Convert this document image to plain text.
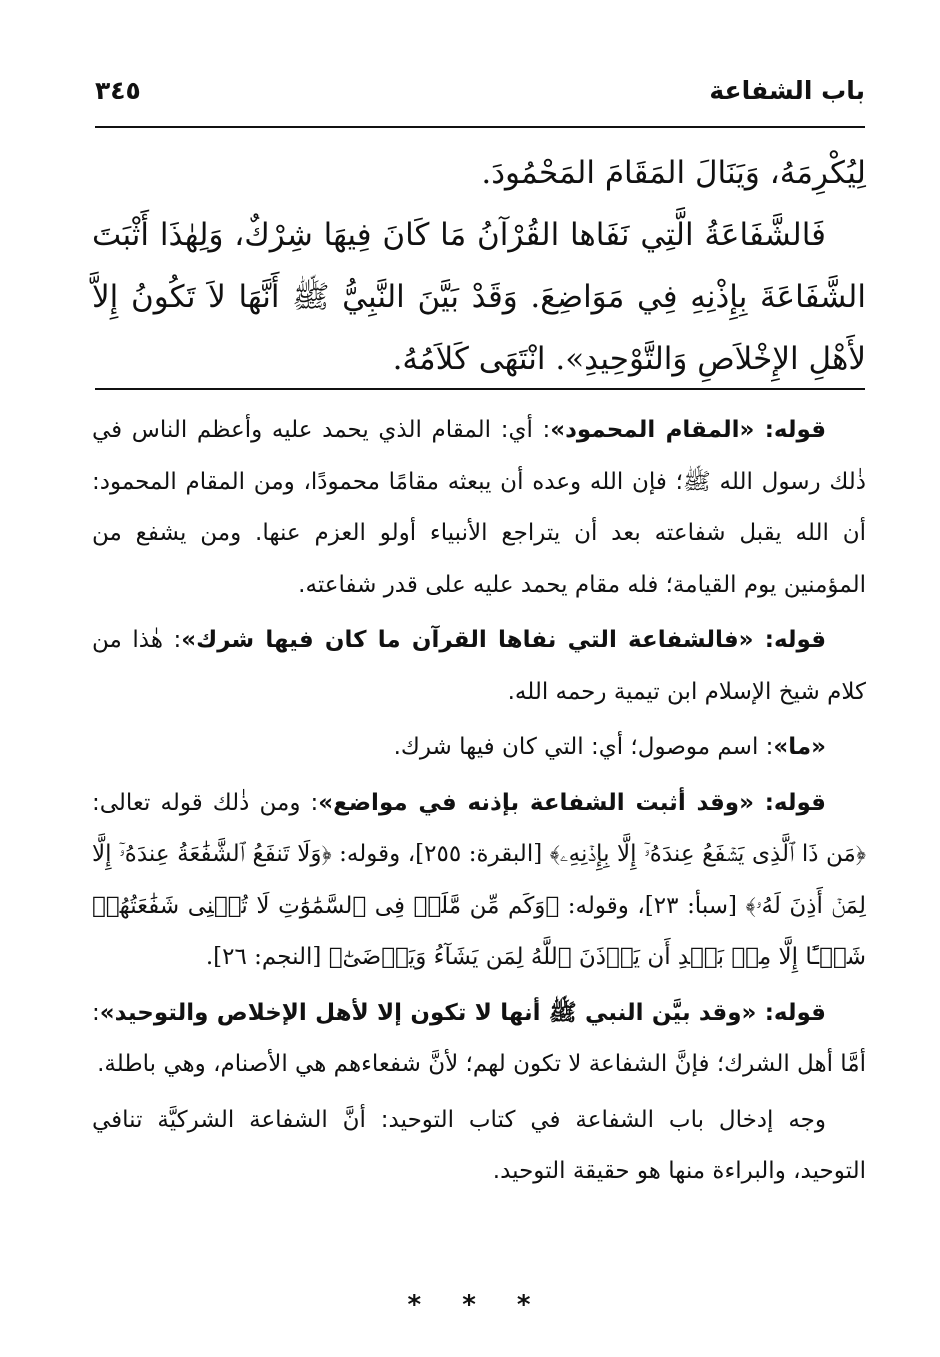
باب الشفاعة
٣٤٥

لِيُكْرِمَهُ، وَيَنَالَ المَقَامَ المَحْمُودَ.

فَالشَّفَاعَةُ الَّتِي نَفَاها القُرْآنُ مَا كَانَ فِيهَا شِرْكٌ، وَلِهٰذَا أَثْبَتَ الشَّفَاعَةَ بِإِذْنِهِ فِي مَوَاضِعَ. وَقَدْ بَيَّنَ النَّبِيُّ ﷺ أَنَّهَا لاَ تَكُونُ إِلاَّ لأَهْلِ الإِخْلاَصِ وَالتَّوْحِيدِ». انْتَهَى كَلاَمُهُ.

قوله: «المقام المحمود»: أي: المقام الذي يحمد عليه وأعظم الناس في ذٰلك رسول الله ﷺ؛ فإن الله وعده أن يبعثه مقامًا محمودًا، ومن المقام المحمود: أن الله يقبل شفاعته بعد أن يتراجع الأنبياء أولو العزم عنها. ومن يشفع من المؤمنين يوم القيامة؛ فله مقام يحمد عليه على قدر شفاعته.

قوله: «فالشفاعة التي نفاها القرآن ما كان فيها شرك»: هٰذا من كلام شيخ الإسلام ابن تيمية رحمه الله.

«ما»: اسم موصول؛ أي: التي كان فيها شرك.

قوله: «وقد أثبت الشفاعة بإذنه في مواضع»: ومن ذٰلك قوله تعالى: ﴿مَن ذَا ٱلَّذِى يَشۡفَعُ عِندَهُۥٓ إِلَّا بِإِذۡنِهِۦ﴾ [البقرة: ٢٥٥]، وقوله: ﴿وَلَا تَنفَعُ ٱلشَّفَٰعَةُ عِندَهُۥٓ إِلَّا لِمَنۡ أَذِنَ لَهُۥ﴾ [سبأ: ٢٣]، وقوله: ﴿وَكَم مِّن مَّلَكٖ فِى ٱلسَّمَٰوَٰتِ لَا تُغۡنِى شَفَٰعَتُهُمۡ شَيۡـًٔا إِلَّا مِنۢ بَعۡدِ أَن يَأۡذَنَ ٱللَّهُ لِمَن يَشَآءُ وَيَرۡضَىٰٓ﴾ [النجم: ٢٦].

قوله: «وقد بيَّن النبي ﷺ أنها لا تكون إلا لأهل الإخلاص والتوحيد»: أمَّا أهل الشرك؛ فإنَّ الشفاعة لا تكون لهم؛ لأنَّ شفعاءهم هي الأصنام، وهي باطلة.

وجه إدخال باب الشفاعة في كتاب التوحيد: أنَّ الشفاعة الشركيَّة تنافي التوحيد، والبراءة منها هو حقيقة التوحيد.

* * *
